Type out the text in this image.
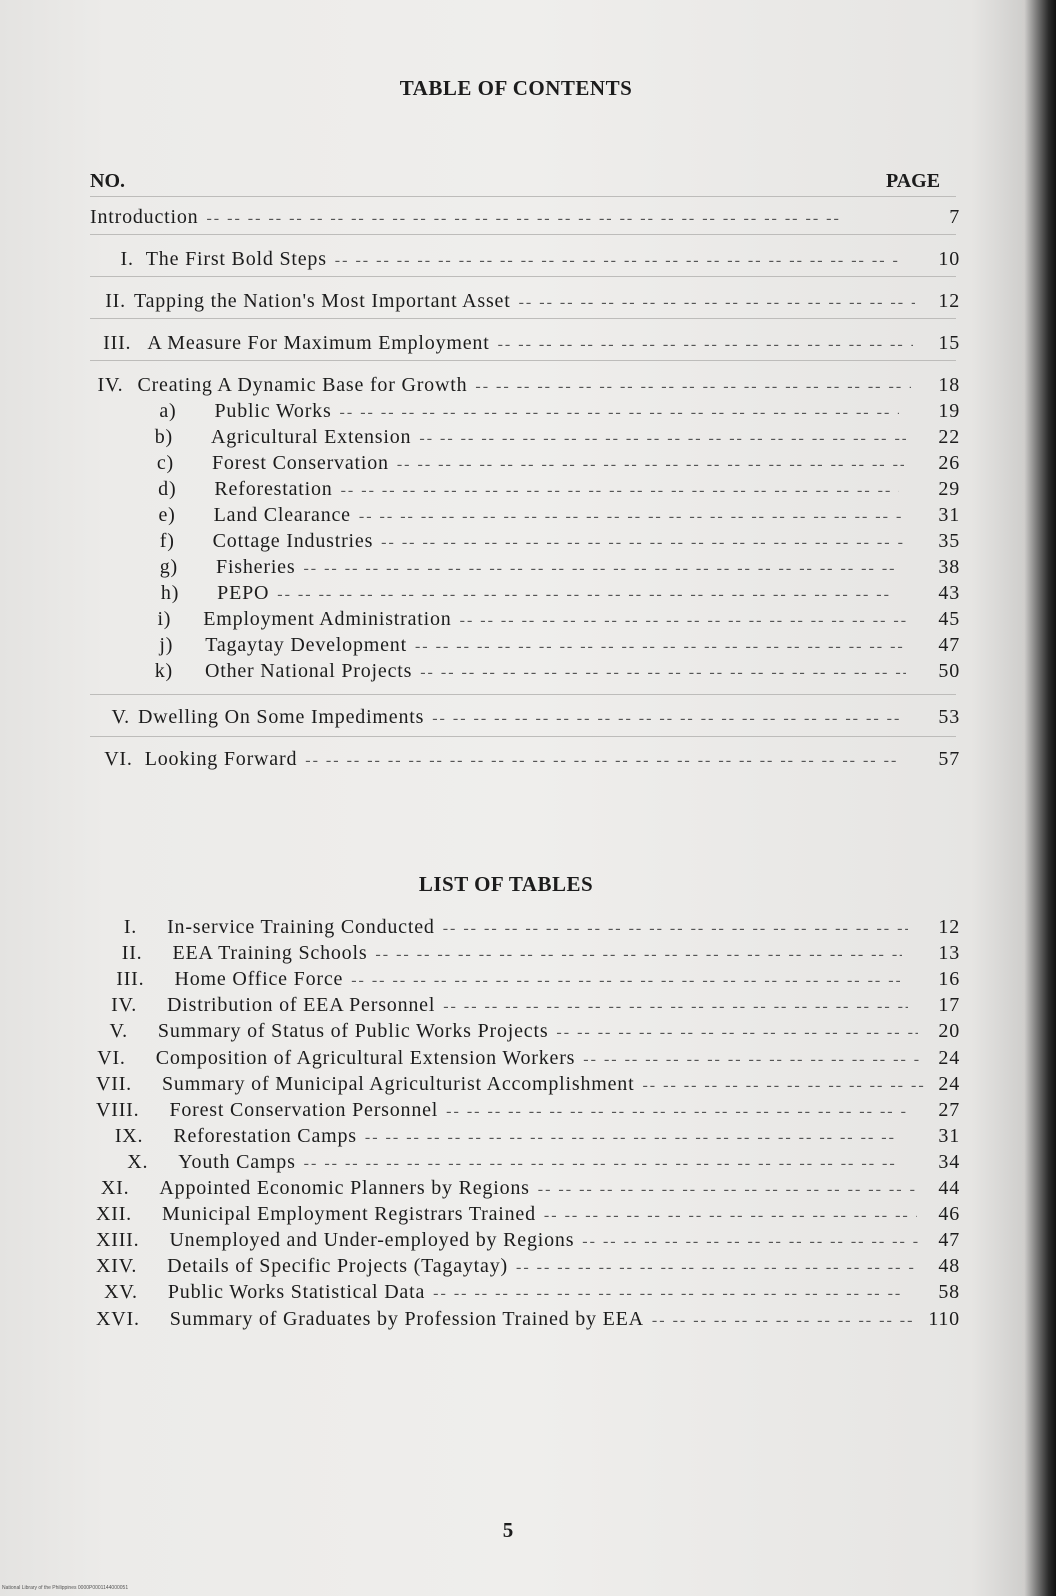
TABLE OF CONTENTS
NO.	PAGE
Introduction -- --	7
I. The First Bold Steps -- --	10
II. Tapping the Nation's Most Important Asset -- --	12
III. A Measure For Maximum Employment -- --	15
IV. Creating A Dynamic Base for Growth -- --	18
a) Public Works -- --	19
b) Agricultural Extension -- --	22
c) Forest Conservation -- --	26
d) Reforestation -- --	29
e) Land Clearance -- --	31
f) Cottage Industries -- --	35
g) Fisheries -- --	38
h) PEPO -- --	43
i) Employment Administration -- --	45
j) Tagaytay Development -- --	47
k) Other National Projects -- --	50
V. Dwelling On Some Impediments -- --	53
VI. Looking Forward -- --	57
LIST OF TABLES
I. In-service Training Conducted -- --	12
II. EEA Training Schools -- --	13
III. Home Office Force -- --	16
IV. Distribution of EEA Personnel -- --	17
V. Summary of Status of Public Works Projects -- --	20
VI. Composition of Agricultural Extension Workers -- --	24
VII. Summary of Municipal Agriculturist Accomplishment -- --	24
VIII. Forest Conservation Personnel -- --	27
IX. Reforestation Camps -- --	31
X. Youth Camps -- --	34
XI. Appointed Economic Planners by Regions -- --	44
XII. Municipal Employment Registrars Trained -- --	46
XIII. Unemployed and Under-employed by Regions -- --	47
XIV. Details of Specific Projects (Tagaytay) -- --	48
XV. Public Works Statistical Data -- --	58
XVI. Summary of Graduates by Profession Trained by EEA -- --	110
5
National Library of the Philippines 0000P0001144000051
